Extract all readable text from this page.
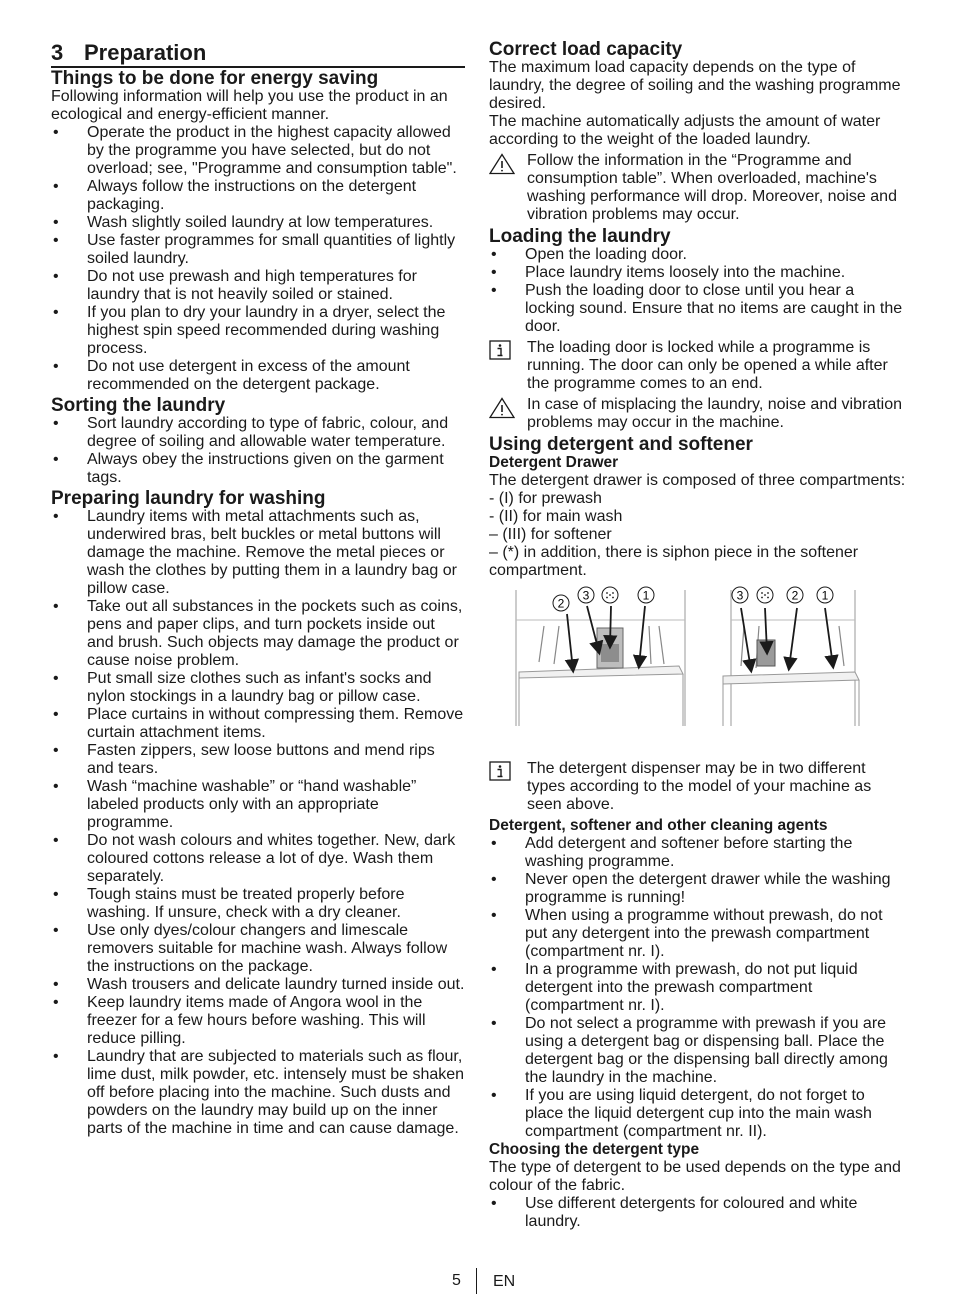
3 Preparation
Things to be done for energy saving

Following information will help you use the product in an ecological and energy-efficient manner.

• Operate the product in the highest capacity allowed by the programme you have selected, but do not overload; see, "Programme and consumption table".
• Always follow the instructions on the detergent packaging.
• Wash slightly soiled laundry at low temperatures.
• Use faster programmes for small quantities of lightly soiled laundry.
• Do not use prewash and high temperatures for laundry that is not heavily soiled or stained.
• If you plan to dry your laundry in a dryer, select the highest spin speed recommended during washing process.
• Do not use detergent in excess of the amount recommended on the detergent package.
Sorting the laundry
• Sort laundry according to type of fabric, colour, and degree of soiling and allowable water temperature.
• Always obey the instructions given on the garment tags.
Preparing laundry for washing
• Laundry items with metal attachments such as, underwired bras, belt buckles or metal buttons will damage the machine. Remove the metal pieces or wash the clothes by putting them in a laundry bag or pillow case.
• Take out all substances in the pockets such as coins, pens and paper clips, and turn pockets inside out and brush. Such objects may damage the product or cause noise problem.
• Put small size clothes such as infant's socks and nylon stockings in a laundry bag or pillow case.
• Place curtains in without compressing them. Remove curtain attachment items.
• Fasten zippers, sew loose buttons and mend rips and tears.
• Wash “machine washable” or “hand washable” labeled products only with an appropriate programme.
• Do not wash colours and whites together. New, dark coloured cottons release a lot of dye. Wash them separately.
• Tough stains must be treated properly before washing. If unsure, check with a dry cleaner.
• Use only dyes/colour changers and limescale removers suitable for machine wash. Always follow the instructions on the package.
• Wash trousers and delicate laundry turned inside out.
• Keep laundry items made of Angora wool in the freezer for a few hours before washing. This will reduce pilling.
• Laundry that are subjected to materials such as flour, lime dust, milk powder, etc. intensely must be shaken off before placing into the machine. Such dusts and powders on the laundry may build up on the inner parts of the machine in time and can cause damage.
Correct load capacity

The maximum load capacity depends on the type of laundry, the degree of soiling and the washing programme desired.

The machine automatically adjusts the amount of water according to the weight of the loaded laundry.

Follow the information in the “Programme and consumption table”. When overloaded, machine's washing performance will drop. Moreover, noise and vibration problems may occur.
Loading the laundry
• Open the loading door.
• Place laundry items loosely into the machine.
• Push the loading door to close until you hear a locking sound. Ensure that no items are caught in the door.
The loading door is locked while a programme is running. The door can only be opened a while after the programme comes to an end.
In case of misplacing the laundry, noise and vibration problems may occur in the machine.
Using detergent and softener
Detergent Drawer

The detergent drawer is composed of three compartments:

- (I) for prewash

- (II) for main wash

– (III) for softener

– (*) in addition, there is siphon piece in the softener compartment.

2
3	1	3	2 1
The detergent dispenser may be in two different types according to the model of your machine as seen above.
Detergent, softener and other cleaning agents
• Add detergent and softener before starting the washing programme.
• Never open the detergent drawer while the washing programme is running!
• When using a programme without prewash, do not put any detergent into the prewash compartment (compartment nr. I).
• In a programme with prewash, do not put liquid detergent into the prewash compartment (compartment nr. I).
• Do not select a programme with prewash if you are using a detergent bag or dispensing ball. Place the detergent bag or the dispensing ball directly among the laundry in the machine.
• If you are using liquid detergent, do not forget to place the liquid detergent cup into the main wash compartment (compartment nr. II).
Choosing the detergent type

The type of detergent to be used depends on the type and colour of the fabric.

• Use different detergents for coloured and white laundry.
5 EN
